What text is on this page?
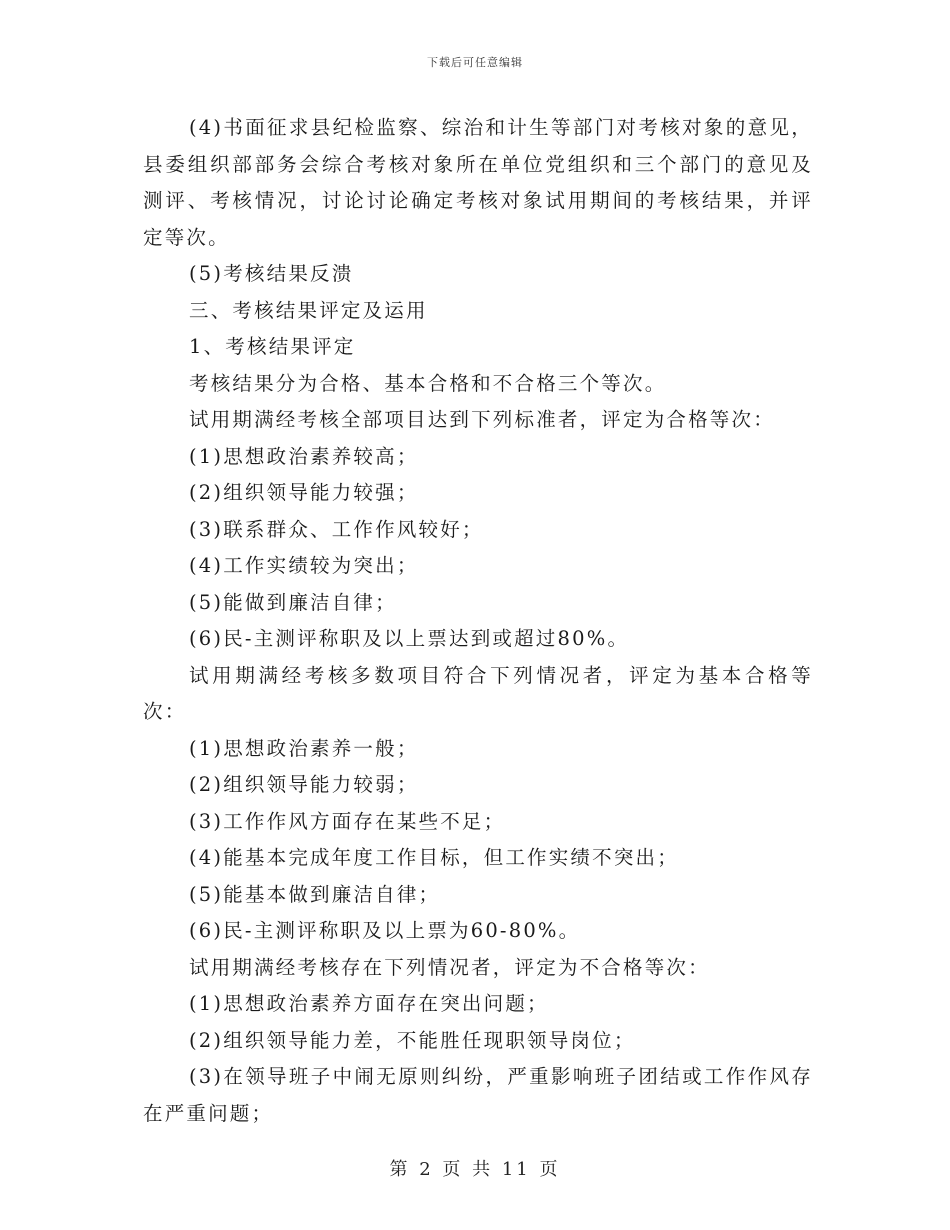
下载后可任意编辑

(4)书面征求县纪检监察、综治和计生等部门对考核对象的意见，县委组织部部务会综合考核对象所在单位党组织和三个部门的意见及测评、考核情况，讨论讨论确定考核对象试用期间的考核结果，并评定等次。

(5)考核结果反溃

三、考核结果评定及运用

1、考核结果评定

考核结果分为合格、基本合格和不合格三个等次。

试用期满经考核全部项目达到下列标准者，评定为合格等次：

(1)思想政治素养较高；

(2)组织领导能力较强；

(3)联系群众、工作作风较好；

(4)工作实绩较为突出；

(5)能做到廉洁自律；

(6)民-主测评称职及以上票达到或超过80%。

试用期满经考核多数项目符合下列情况者，评定为基本合格等次：

(1)思想政治素养一般；

(2)组织领导能力较弱；

(3)工作作风方面存在某些不足；

(4)能基本完成年度工作目标，但工作实绩不突出；

(5)能基本做到廉洁自律；

(6)民-主测评称职及以上票为60-80%。

试用期满经考核存在下列情况者，评定为不合格等次：

(1)思想政治素养方面存在突出问题；

(2)组织领导能力差，不能胜任现职领导岗位；

(3)在领导班子中闹无原则纠纷，严重影响班子团结或工作作风存在严重问题；

第 2 页 共 11 页
